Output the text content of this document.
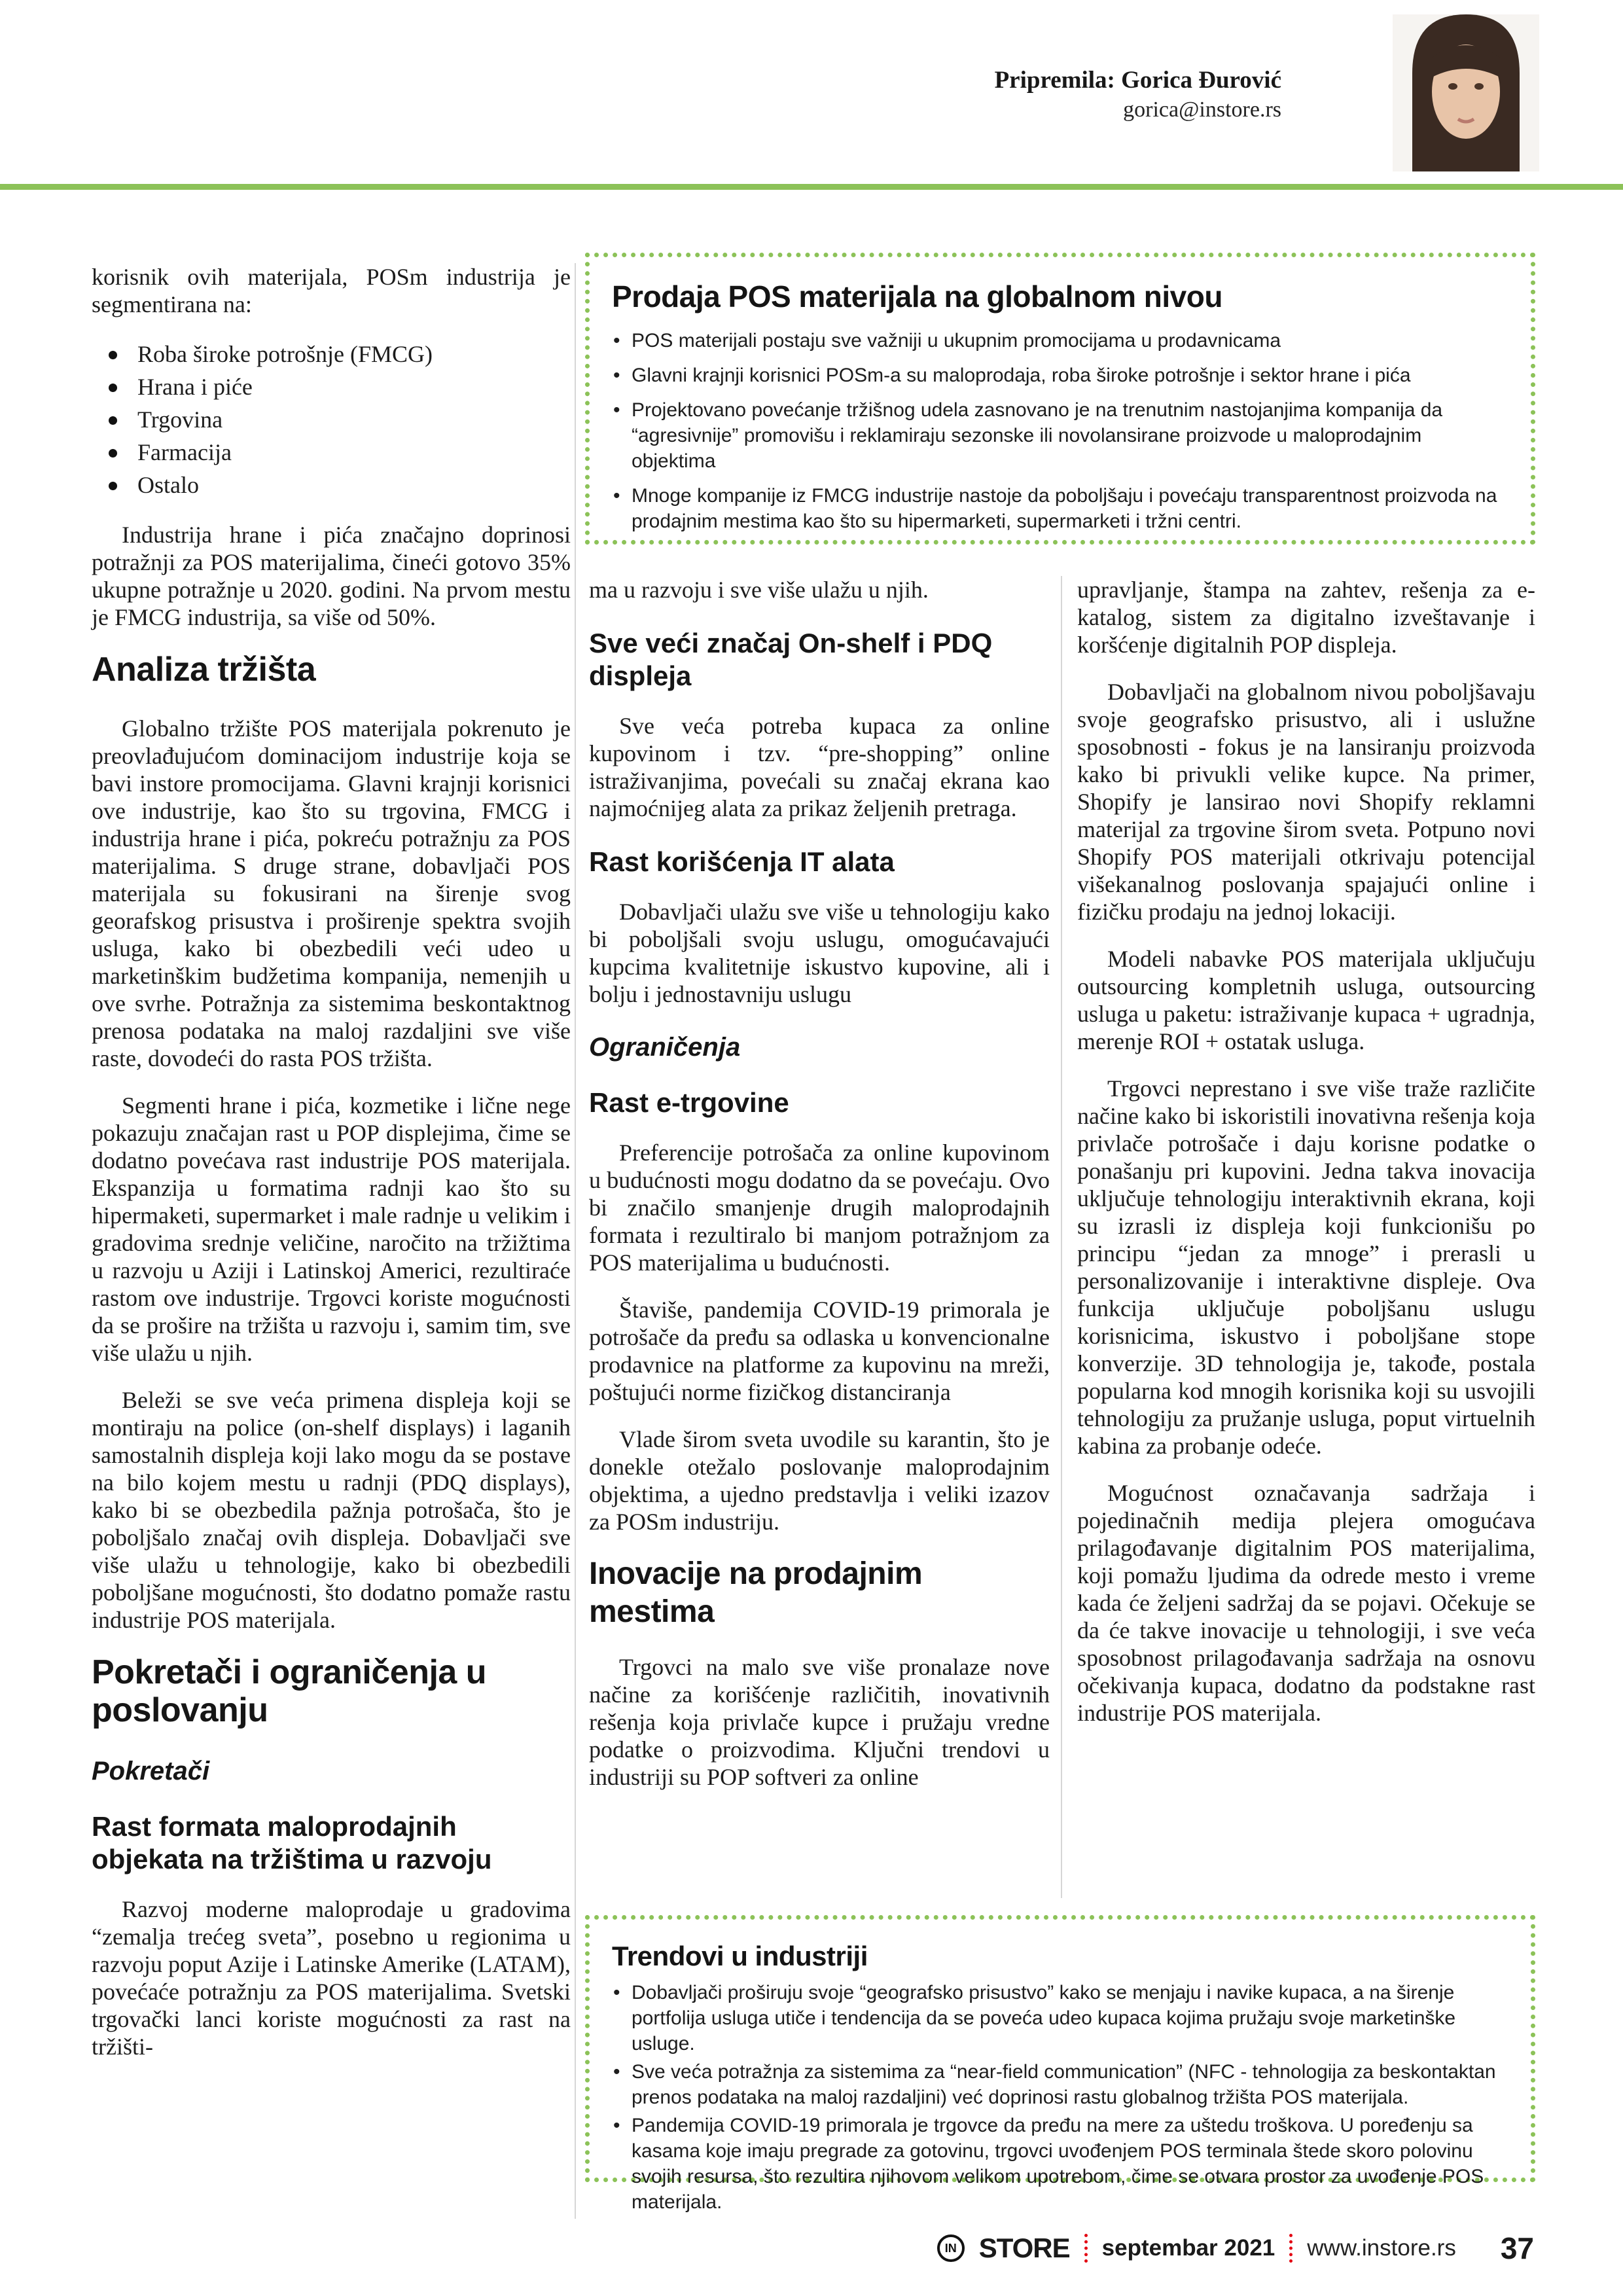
Pripremila: Gorica Đurović
gorica@instore.rs
Prodaja POS materijala na globalnom nivou
• POS materijali postaju sve važniji u ukupnim promocijama u prodavnicama
• Glavni krajnji korisnici POSm-a su maloprodaja, roba široke potrošnje i sektor hrane i pića
• Projektovano povećanje tržišnog udela zasnovano je na trenutnim nastojanjima kompanija da “agresivnije” promovišu i reklamiraju sezonske ili novolansirane proizvode u maloprodajnim objektima
• Mnoge kompanije iz FMCG industrije nastoje da poboljšaju i povećaju transparentnost proizvoda na prodajnim mestima kao što su hipermarketi, supermarketi i tržni centri.

korisnik ovih materijala, POSm industrija je segmentirana na:

Roba široke potrošnje (FMCG)
Hrana i piće
Trgovina
Farmacija
Ostalo

Industrija hrane i pića značajno doprinosi potražnji za POS materijalima, čineći gotovo 35% ukupne potražnje u 2020. godini. Na prvom mestu je FMCG industrija, sa više od 50%.

Analiza tržišta

Globalno tržište POS materijala pokrenuto je preovlađujućom dominacijom industrije koja se bavi instore promocijama. Glavni krajnji korisnici ove industrije, kao što su trgovina, FMCG i industrija hrane i pića, pokreću potražnju za POS materijalima. S druge strane, dobavljači POS materijala su fokusirani na širenje svog georafskog prisustva i proširenje spektra svojih usluga, kako bi obezbedili veći udeo u marketinškim budžetima kompanija, nemenjih u ove svrhe. Potražnja za sistemima beskontaktnog prenosa podataka na maloj razdaljini sve više raste, dovodeći do rasta POS tržišta.

Segmenti hrane i pića, kozmetike i lične nege pokazuju značajan rast u POP displejima, čime se dodatno povećava rast industrije POS materijala. Ekspanzija u formatima radnji kao što su hipermaketi, supermarket i male radnje u velikim i gradovima srednje veličine, naročito na tržižtima u razvoju u Aziji i Latinskoj Americi, rezultiraće rastom ove industrije. Trgovci koriste mogućnosti da se prošire na tržišta u razvoju i, samim tim, sve više ulažu u njih.

Beleži se sve veća primena displeja koji se montiraju na police (on-shelf displays) i laganih samostalnih displeja koji lako mogu da se postave na bilo kojem mestu u radnji (PDQ displays), kako bi se obezbedila pažnja potrošača, što je poboljšalo značaj ovih displeja. Dobavljači sve više ulažu u tehnologije, kako bi obezbedili poboljšane mogućnosti, što dodatno pomaže rastu industrije POS materijala.

Pokretači i ograničenja u poslovanju
Pokretači
Rast formata maloprodajnih objekata na tržištima u razvoju

Razvoj moderne maloprodaje u gradovima “zemalja trećeg sveta”, posebno u regionima u razvoju poput Azije i Latinske Amerike (LATAM), povećaće potražnju za POS materijalima. Svetski trgovački lanci koriste mogućnosti za rast na tržišti-

ma u razvoju i sve više ulažu u njih.

Sve veći značaj On-shelf i PDQ displeja

Sve veća potreba kupaca za online kupovinom i tzv. “pre-shopping” online istraživanjima, povećali su značaj ekrana kao najmoćnijeg alata za prikaz željenih pretraga.

Rast korišćenja IT alata

Dobavljači ulažu sve više u tehnologiju kako bi poboljšali svoju uslugu, omogućavajući kupcima kvalitetnije iskustvo kupovine, ali i bolju i jednostavniju uslugu

Ograničenja
Rast e-trgovine

Preferencije potrošača za online kupovinom u budućnosti mogu dodatno da se povećaju. Ovo bi značilo smanjenje drugih maloprodajnih formata i rezultiralo bi manjom potražnjom za POS materijalima u budućnosti.

Štaviše, pandemija COVID-19 primorala je potrošače da pređu sa odlaska u konvencionalne prodavnice na platforme za kupovinu na mreži, poštujući norme fizičkog distanciranja

Vlade širom sveta uvodile su karantin, što je donekle otežalo poslovanje maloprodajnim objektima, a ujedno predstavlja i veliki izazov za POSm industriju.

Inovacije na prodajnim mestima

Trgovci na malo sve više pronalaze nove načine za korišćenje različitih, inovativnih rešenja koja privlače kupce i pružaju vredne podatke o proizvodima. Ključni trendovi u industriji su POP softveri za online

upravljanje, štampa na zahtev, rešenja za e-katalog, sistem za digitalno izveštavanje i koršćenje digitalnih POP displeja.

Dobavljači na globalnom nivou poboljšavaju svoje geografsko prisustvo, ali i uslužne sposobnosti - fokus je na lansiranju proizvoda kako bi privukli velike kupce. Na primer, Shopify je lansirao novi Shopify reklamni materijal za trgovine širom sveta. Potpuno novi Shopify POS materijali otkrivaju potencijal višekanalnog poslovanja spajajući online i fizičku prodaju na jednoj lokaciji.

Modeli nabavke POS materijala uključuju outsourcing kompletnih usluga, outsourcing usluga u paketu: istraživanje kupaca + ugradnja, merenje ROI + ostatak usluga.

Trgovci neprestano i sve više traže različite načine kako bi iskoristili inovativna rešenja koja privlače potrošače i daju korisne podatke o ponašanju pri kupovini. Jedna takva inovacija uključuje tehnologiju interaktivnih ekrana, koji su izrasli iz displeja koji funkcionišu po principu “jedan za mnoge” i prerasli u personalizovanije i interaktivne displeje. Ova funkcija uključuje poboljšanu uslugu korisnicima, iskustvo i poboljšane stope konverzije. 3D tehnologija je, takođe, postala popularna kod mnogih korisnika koji su usvojili tehnologiju za pružanje usluga, poput virtuelnih kabina za probanje odeće.

Mogućnost označavanja sadržaja i pojedinačnih medija plejera omogućava prilagođavanje digitalnim POS materijalima, koji pomažu ljudima da odrede mesto i vreme kada će željeni sadržaj da se pojavi. Očekuje se da će takve inovacije u tehnologiji, i sve veća sposobnost prilagođavanja sadržaja na osnovu očekivanja kupaca, dodatno da podstakne rast industrije POS materijala.

Trendovi u industriji
• Dobavljači proširuju svoje “geografsko prisustvo” kako se menjaju i navike kupaca, a na širenje portfolija usluga utiče i tendencija da se poveća udeo kupaca kojima pružaju svoje marketinške usluge.
• Sve veća potražnja za sistemima za “near-field communication” (NFC - tehnologija za beskontaktan prenos podataka na maloj razdaljini) već doprinosi rastu globalnog tržišta POS materijala.
• Pandemija COVID-19 primorala je trgovce da pređu na mere za uštedu troškova. U poređenju sa kasama koje imaju pregrade za gotovinu, trgovci uvođenjem POS terminala štede skoro polovinu svojih resursa, što rezultira njihovom velikom upotrebom, čime se otvara prostor za uvođenje POS materijala.
IN STORE septembar 2021 www.instore.rs 37
